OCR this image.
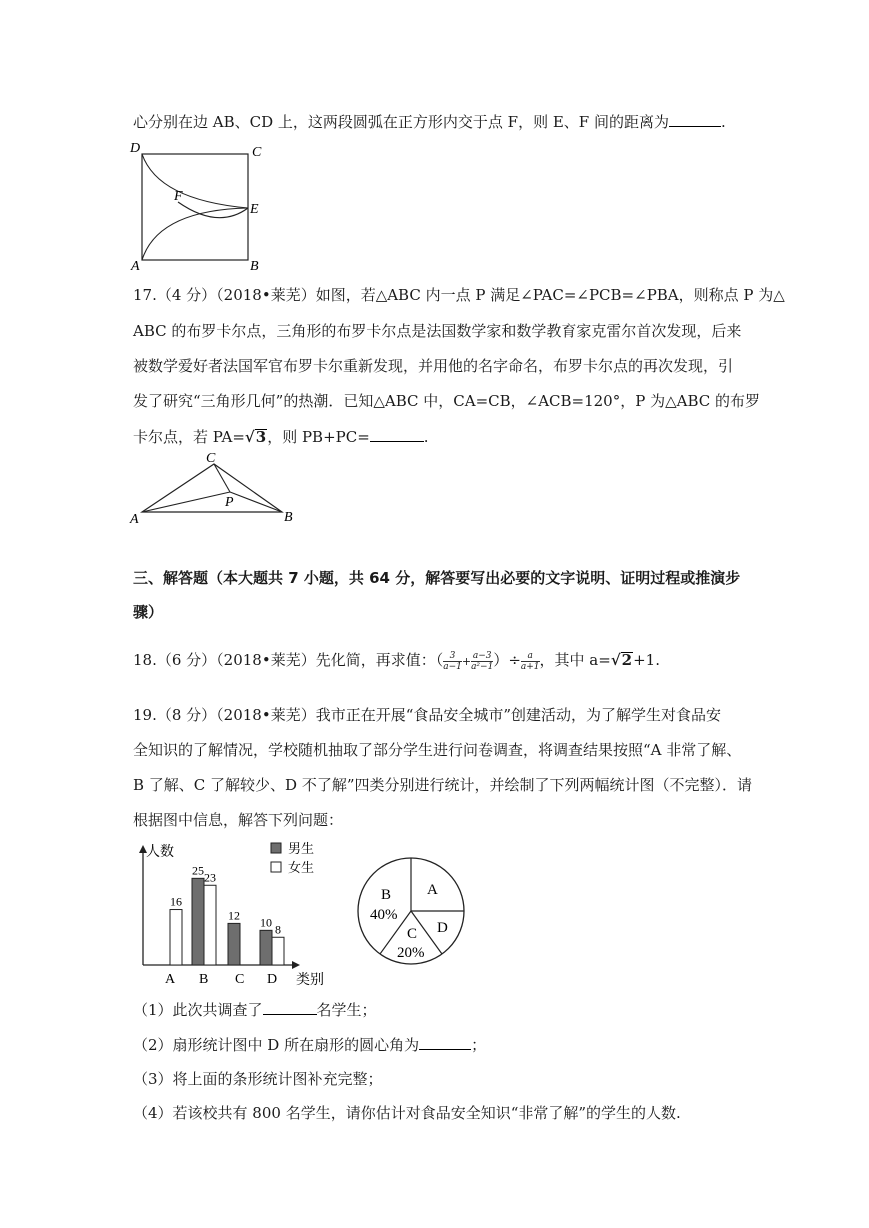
心分别在边 AB、CD 上，这两段圆弧在正方形内交于点 F，则 E、F 间的距离为	.
D	C
F
E
A	B
17.（4 分）（2018•莱芜）如图，若△ABC 内一点 P 满足∠PAC=∠PCB=∠PBA，则称点 P 为△
ABC 的布罗卡尔点，三角形的布罗卡尔点是法国数学家和数学教育家克雷尔首次发现，后来
被数学爱好者法国军官布罗卡尔重新发现，并用他的名字命名，布罗卡尔点的再次发现，引
发了研究“三角形几何”的热潮．已知△ABC 中，CA=CB，∠ACB=120°，P 为△ABC 的布罗
卡尔点，若 PA=√3，则 PB+PC=	.
C
P
A	B
三、解答题（本大题共 7 小题，共 64 分，解答要写出必要的文字说明、证明过程或推演步
骤）
18.（6 分）（2018•莱芜）先化简，再求值：（ $\frac{3}{a-1} + \frac{a-3}{\text{a²−1}}$ ）÷ $\frac{a}{a+1}$ ，其中 a=√2+1.
19.（8 分）（2018•莱芜）我市正在开展“食品安全城市”创建活动，为了解学生对食品安
全知识的了解情况，学校随机抽取了部分学生进行问卷调查，将调查结果按照“A 非常了解、
B 了解、C 了解较少、D 不了解”四类分别进行统计，并绘制了下列两幅统计图（不完整）．请
根据图中信息，解答下列问题：
人数
类别
16
25 23
12 10 8
男生
女生
A B C D
A
B
40%
D
C
20%
（1）此次共调查了	名学生；
（2）扇形统计图中 D 所在扇形的圆心角为	；
（3）将上面的条形统计图补充完整；
（4）若该校共有 800 名学生，请你估计对食品安全知识“非常了解”的学生的人数.
